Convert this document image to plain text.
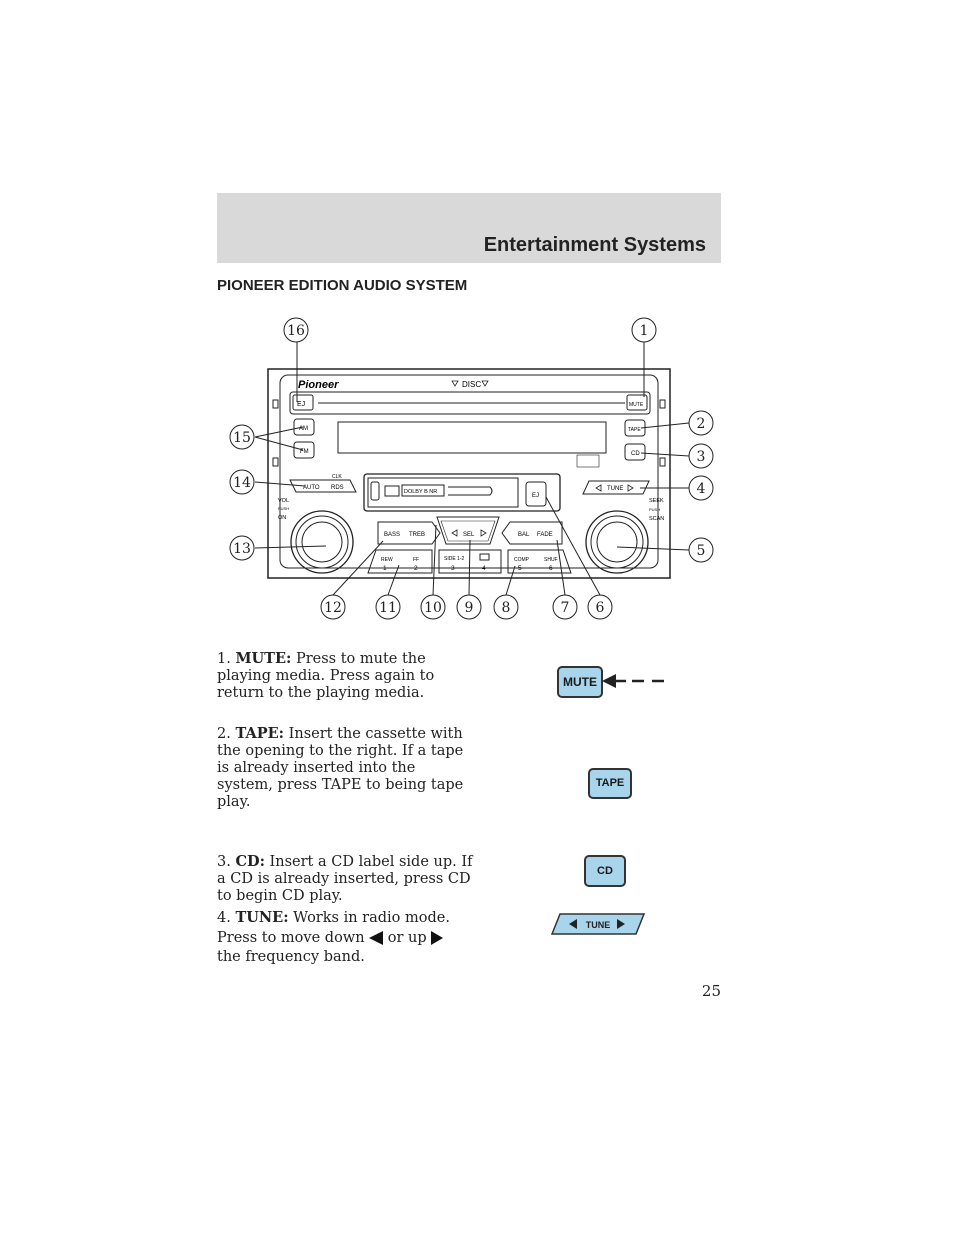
Entertainment Systems
PIONEER EDITION AUDIO SYSTEM
Pioneer	DISC
EJ	MUTE
AM
FM
TAPE
CD
CLK
AUTO RDS
DOLBY B NR
EJ
TUNE
VOL
PUSH
ON
SEEK
PUSH
SCAN
BASS TREB	SEL	BAL FADE
REW	FF
1	2
SIDE 1-2
3	4
COMP	SHUF
5	6
1
2
3
4
5
6
7
8
9
10
11
12
13
14
15
16
1. MUTE: Press to mute the playing media. Press again to return to the playing media.
MUTE
2. TAPE: Insert the cassette with the opening to the right. If a tape is already inserted into the system, press TAPE to being tape play.
TAPE
3. CD: Insert a CD label side up. If a CD is already inserted, press CD to begin CD play.
CD
4. TUNE: Works in radio mode. Press to move down  or up
the frequency band.
TUNE
25
